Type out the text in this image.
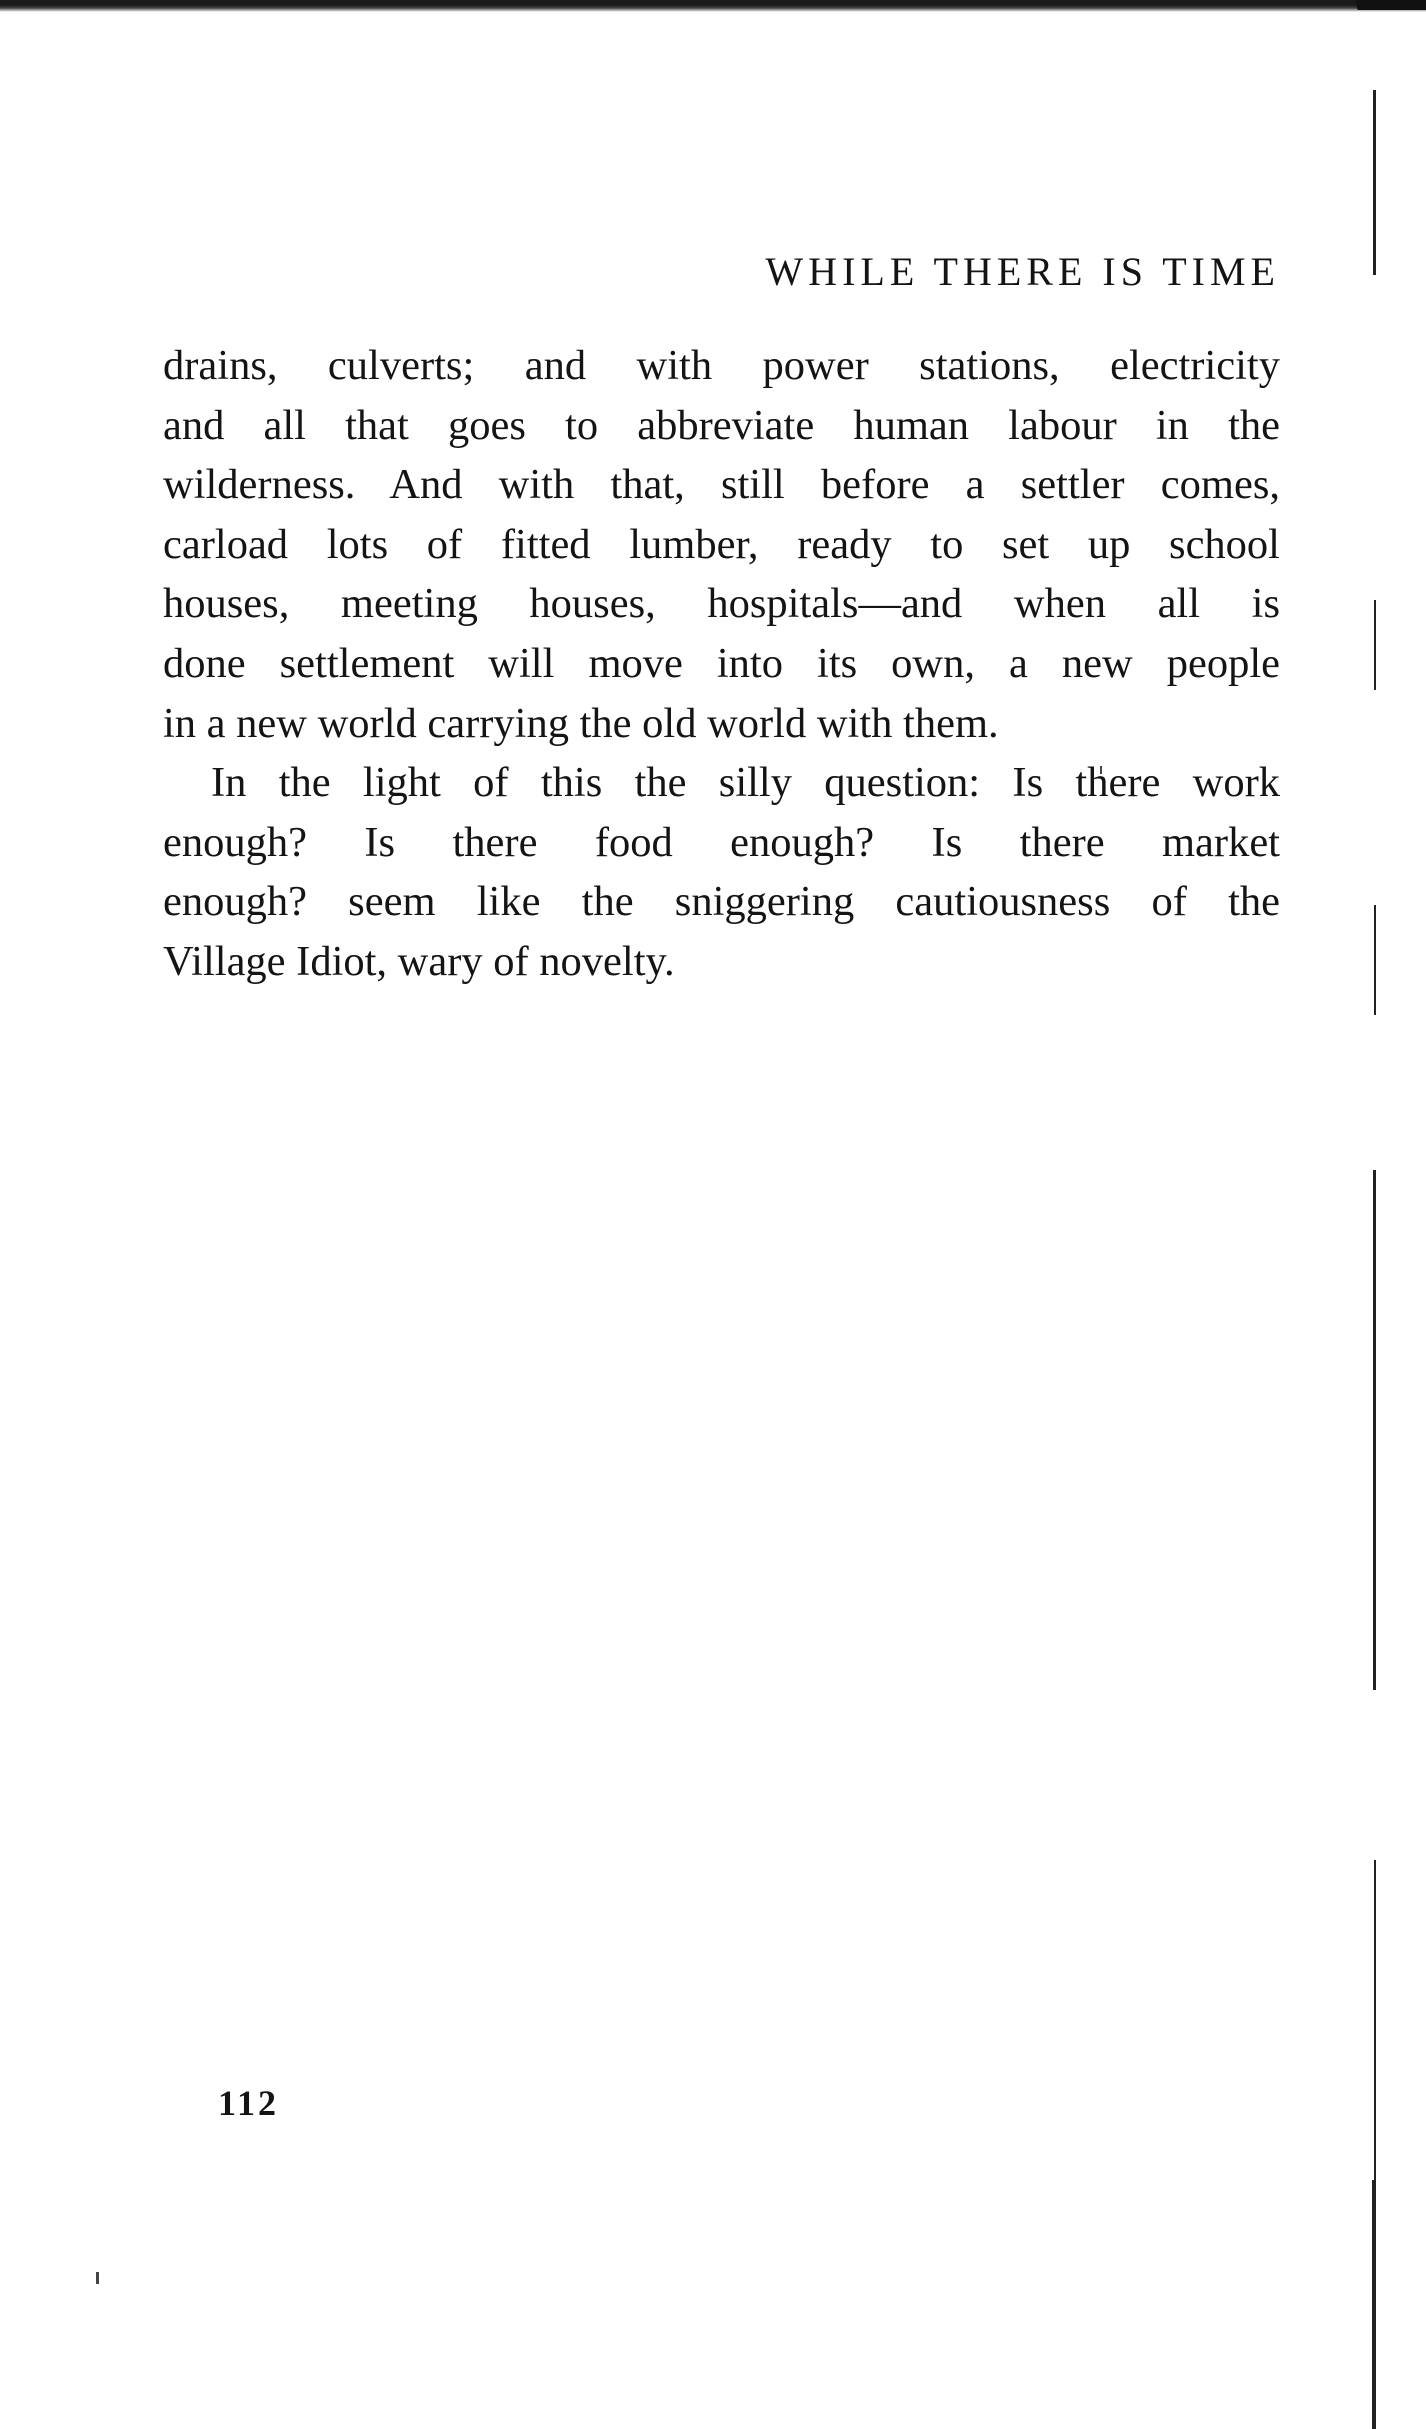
WHILE THERE IS TIME

drains, culverts; and with power stations, electricity
and all that goes to abbreviate human labour in the
wilderness. And with that, still before a settler comes,
carload lots of fitted lumber, ready to set up school
houses, meeting houses, hospitals—and when all is
done settlement will move into its own, a new people
in a new world carrying the old world with them.

In the light of this the silly question: Is there work
enough? Is there food enough? Is there market
enough? seem like the sniggering cautiousness of the
Village Idiot, wary of novelty.

112
